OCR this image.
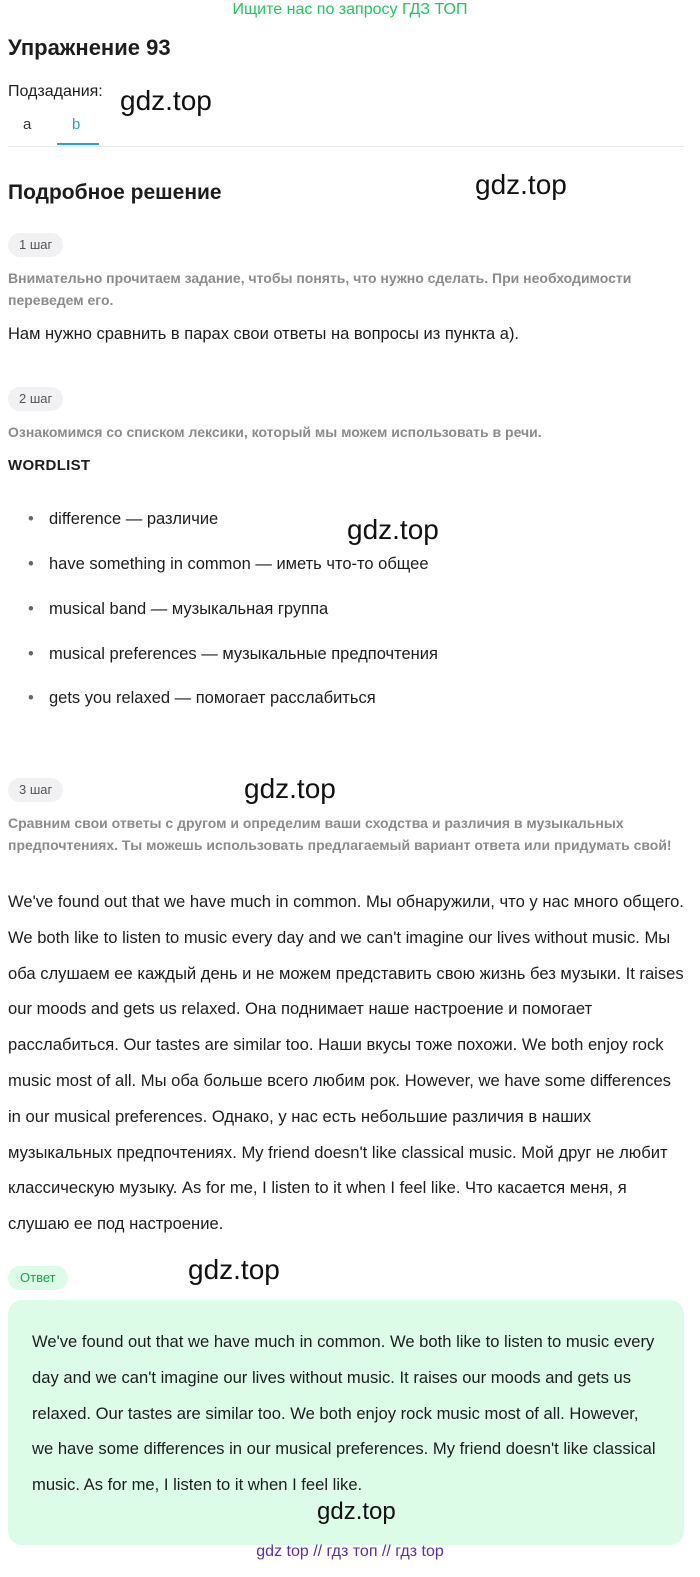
Ищите нас по запросу ГДЗ ТОП
Упражнение 93
Подзадания:
a	b
Подробное решение
1 шаг
Внимательно прочитаем задание, чтобы понять, что нужно сделать. При необходимости переведем его.
Нам нужно сравнить в парах свои ответы на вопросы из пункта а).
2 шаг
Ознакомимся со списком лексики, который мы можем использовать в речи.
WORDLIST
• difference — различие
• have something in common — иметь что-то общее
• musical band — музыкальная группа
• musical preferences — музыкальные предпочтения
• gets you relaxed — помогает расслабиться
3 шаг
Сравним свои ответы с другом и определим ваши сходства и различия в музыкальных предпочтениях. Ты можешь использовать предлагаемый вариант ответа или придумать свой!
We've found out that we have much in common. Мы обнаружили, что у нас много общего. We both like to listen to music every day and we can't imagine our lives without music. Мы оба слушаем ее каждый день и не можем представить свою жизнь без музыки. It raises our moods and gets us relaxed. Она поднимает наше настроение и помогает расслабиться. Our tastes are similar too. Наши вкусы тоже похожи. We both enjoy rock music most of all. Мы оба больше всего любим рок. However, we have some differences in our musical preferences. Однако, у нас есть небольшие различия в наших музыкальных предпочтениях. My friend doesn't like classical music. Мой друг не любит классическую музыку. As for me, I listen to it when I feel like. Что касается меня, я слушаю ее под настроение.
Ответ
We've found out that we have much in common. We both like to listen to music every day and we can't imagine our lives without music. It raises our moods and gets us relaxed. Our tastes are similar too. We both enjoy rock music most of all. However, we have some differences in our musical preferences. My friend doesn't like classical music. As for me, I listen to it when I feel like.
gdz.top
gdz.top
gdz.top
gdz.top
gdz.top
gdz.top
gdz top // гдз топ // гдз top
